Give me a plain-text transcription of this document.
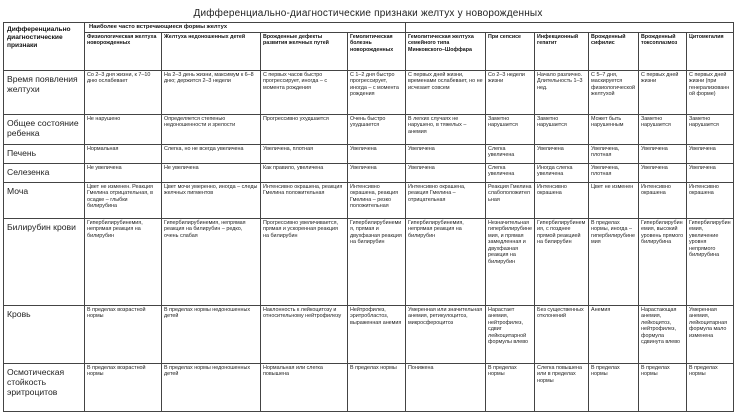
Дифференциально-диагностические признаки желтух у новорожденных
Дифференциально диагностические признаки	Наиболее часто встречающиеся формы желтух									
	Физиологическая желтуха новорожденных	Желтуха недоношенных детей	Врожденные дефекты развития желчных путей	Гемолитическая болезнь новорожденных	Гемолитическая желтуха семейного типа Минковского–Шоффара	При сепсисе	Инфекционный гепатит	Врожденный сифилис	Врожденный токсоплазмоз	Цитомегалия
Время появления желтухи	Со 2–3 дня жизни, к 7–10 дню ослабевает	На 2–3 день жизни, максимум к 6–8 дню; держится 2–3 недели	С первых часов быстро прогрессирует, иногда – с момента рождения	С 1–2 дня быстро прогрессирует, иногда – с момента рождения	С первых дней жизни, временами ослабевает, но не исчезает совсем	Со 2–3 недели жизни	Начало различно. Длительность 1–3 нед.	С 5–7 дня, маскируется физиологической желтухой	С первых дней жизни	С первых дней жизни (при генерализованной форме)
Общее состояние ребенка	Не нарушено	Определяется степенью недоношенности и зрелости	Прогрессивно ухудшается	Очень быстро ухудшается	В легких случаях не нарушено, в тяжелых – анемия	Заметно нарушается	Заметно нарушается	Может быть нарушенным	Заметно нарушается	Заметно нарушается
Печень	Нормальная	Слегка, но не всегда увеличена	Увеличена, плотная	Увеличена	Увеличена	Слегка увеличена	Увеличена	Увеличена, плотная	Увеличена	Увеличена
Селезенка	Не увеличена	Не увеличена	Как правило, увеличена	Увеличена	Увеличена	Слегка увеличена	Иногда слегка увеличена	Увеличена, плотная	Увеличена	Увеличена
Моча	Цвет не изменен. Реакция Гмелина отрицательная, в осадке – глыбки билирубина	Цвет мочи умеренно, иногда – следы желчных пигментов	Интенсивно окрашена, реакция Гмелина положительная	Интенсивно окрашена, реакция Гмелина – резко положительная	Интенсивно окрашена, реакция Гмелина – отрицательная	Реакция Гмелина слабоположительная	Интенсивно окрашена	Цвет не изменен	Интенсивно окрашена	Интенсивно окрашена
Билирубин крови	Гипербилирубинемия, непрямая реакция на билирубин	Гипербилирубинемия, непрямая реакция на билирубин – редко, очень слабая	Прогрессивно увеличивается, прямая и ускоренная реакция на билирубин	Гипербилирубинемия, прямая и двухфазная реакция на билирубин	Гипербилирубинемия, непрямая реакция на билирубин	Незначительная гипербилирубинемия, и прямая замедленная и двухфазная реакция на билирубин	Гипербилирубинемия, с позднее прямой реакцией на билирубин	В пределах нормы, иногда – гипербилирубинемия	Гипербилирубинемия, высокий уровень прямого билирубина	Гипербилирубинемия, увеличение уровня непрямого билирубина
Кровь	В пределах возрастной нормы	В пределах нормы недоношенных детей	Наклонность к лейкоцитозу и относительному нейтрофилезу	Нейтрофилез, эритробластоз, выраженная анемия	Умеренная или значительная анемия, ретикулоцитоз, микросфероцитоз	Нарастает анемия, нейтрофилез, сдвиг лейкоцитарной формулы влево	Без существенных отклонений	Анемия	Нарастающая анемия, лейкоцитоз, нейтрофилез, формула сдвинута влево	Умеренная анемия, лейкоцитарная формула мало изменена
Осмотическая стойкость эритроцитов	В пределах возрастной нормы	В пределах нормы недоношенных детей	Нормальная или слегка повышена	В пределах нормы	Понижена	В пределах нормы	Слегка повышена или в пределах нормы	В пределах нормы	В пределах нормы	В пределах нормы
